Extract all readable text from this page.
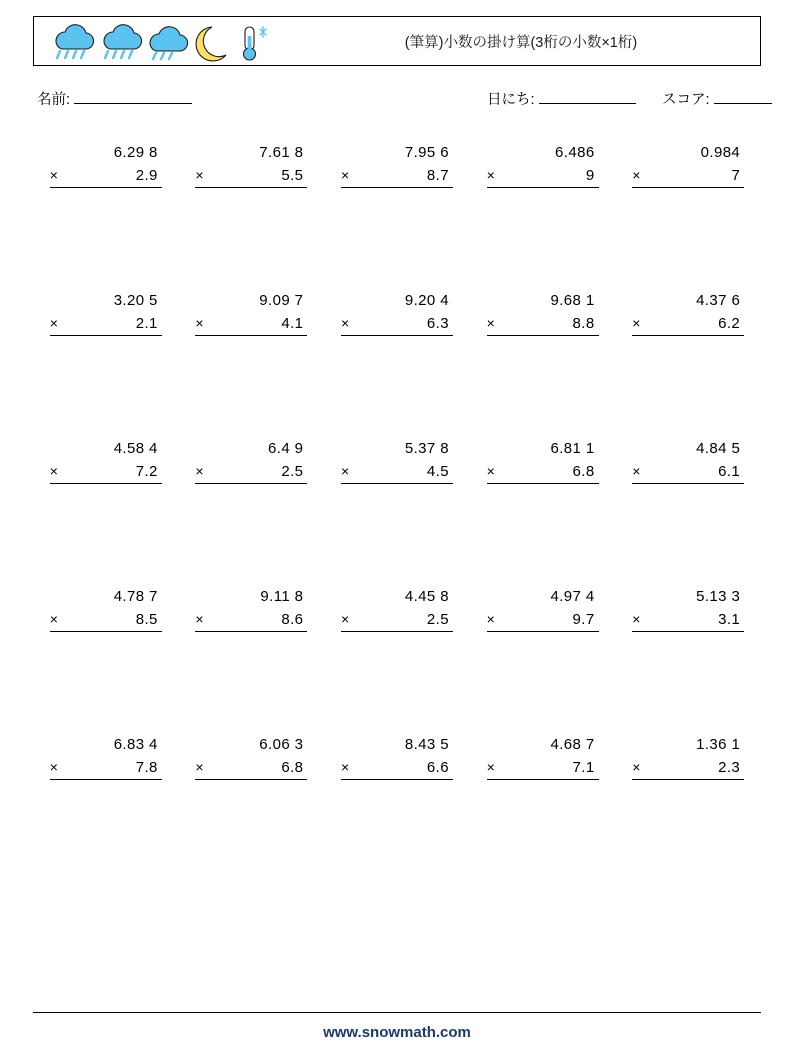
(筆算)小数の掛け算(3桁の小数×1桁)
名前:	日にち:	スコア:
6.29 8
×	2.9
7.61 8
×	5.5
7.95 6
×	8.7
6.486
×	9
0.984
×	7
3.20 5
×	2.1
9.09 7
×	4.1
9.20 4
×	6.3
9.68 1
×	8.8
4.37 6
×	6.2
4.58 4
×	7.2
6.4 9
×	2.5
5.37 8
×	4.5
6.81 1
×	6.8
4.84 5
×	6.1
4.78 7
×	8.5
9.11 8
×	8.6
4.45 8
×	2.5
4.97 4
×	9.7
5.13 3
×	3.1
6.83 4
×	7.8
6.06 3
×	6.8
8.43 5
×	6.6
4.68 7
×	7.1
1.36 1
×	2.3
www.snowmath.com
